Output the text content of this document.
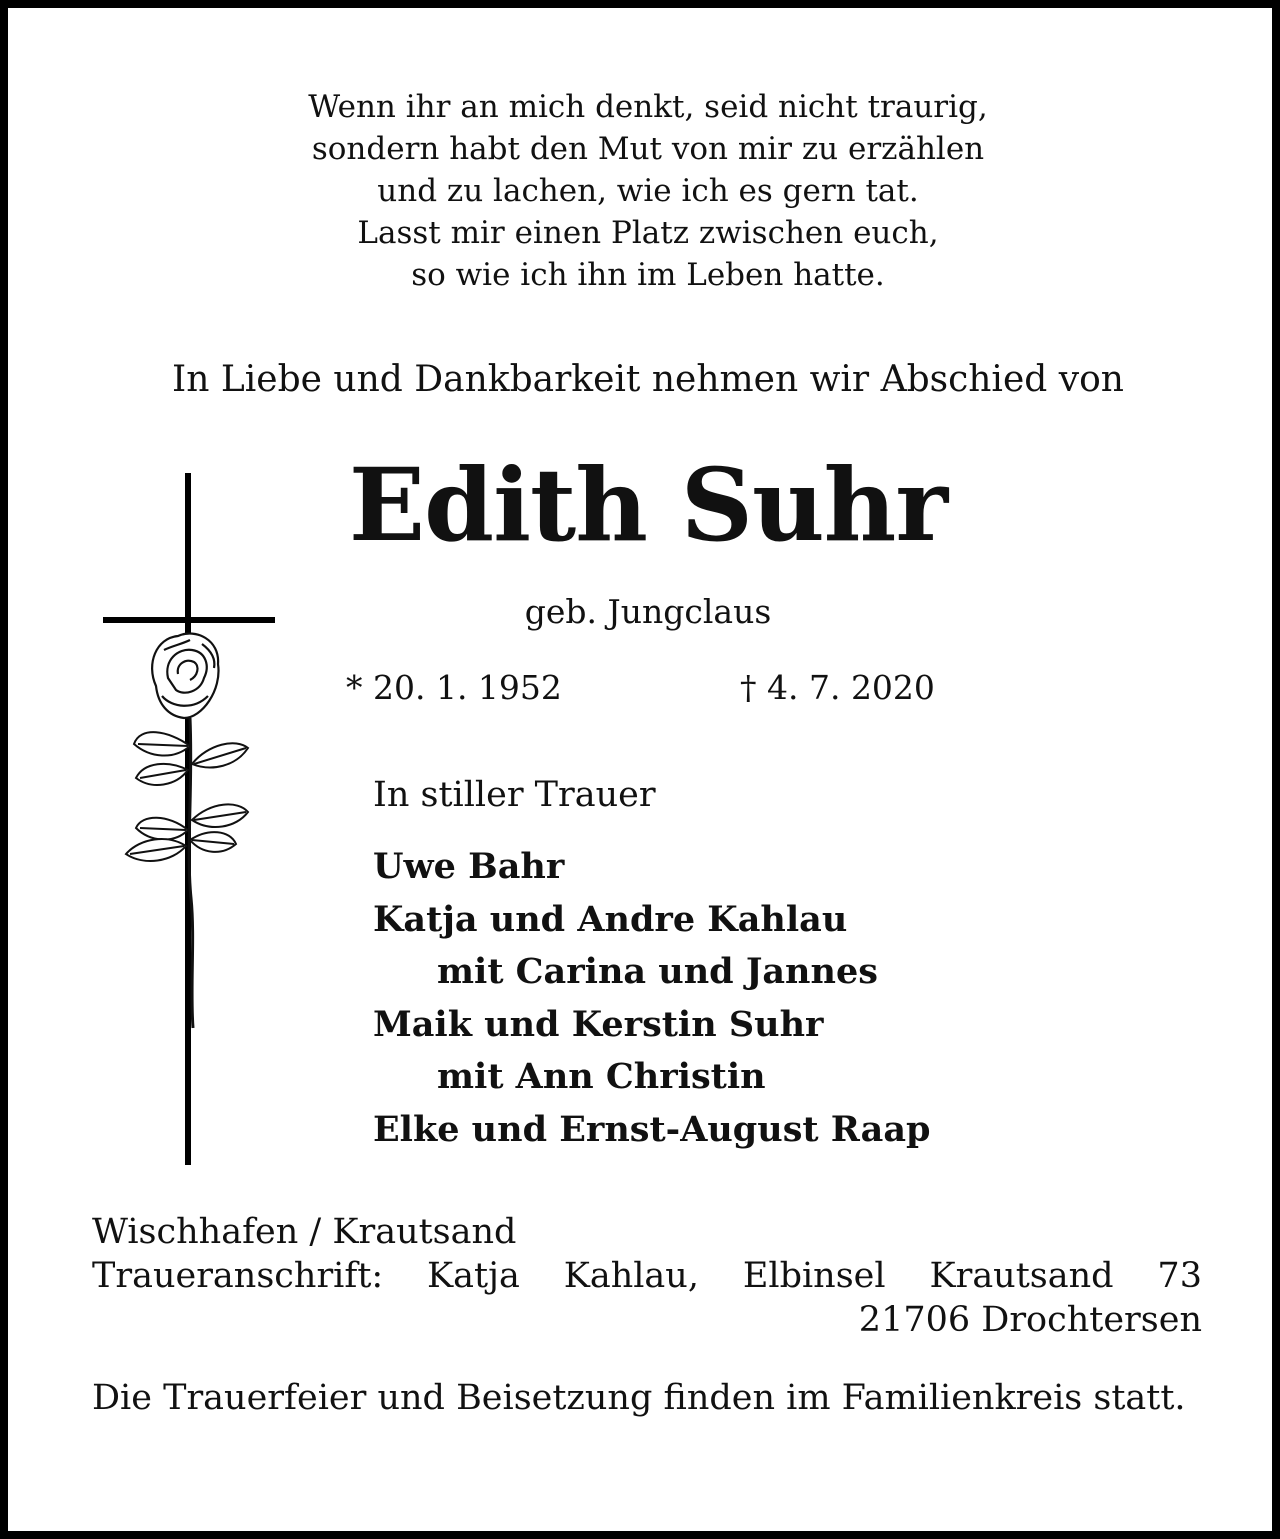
Wenn ihr an mich denkt, seid nicht traurig,
sondern habt den Mut von mir zu erzählen
und zu lachen, wie ich es gern tat.
Lasst mir einen Platz zwischen euch,
so wie ich ihn im Leben hatte.
In Liebe und Dankbarkeit nehmen wir Abschied von
Edith Suhr
geb. Jungclaus
* 20. 1. 1952	† 4. 7. 2020
In stiller Trauer
Uwe Bahr
Katja und Andre Kahlau
mit Carina und Jannes
Maik und Kerstin Suhr
mit Ann Christin
Elke und Ernst-August Raap
Wischhafen / Krautsand
Traueranschrift: Katja Kahlau, Elbinsel Krautsand 73
21706 Drochtersen
Die Trauerfeier und Beisetzung finden im Familienkreis statt.
